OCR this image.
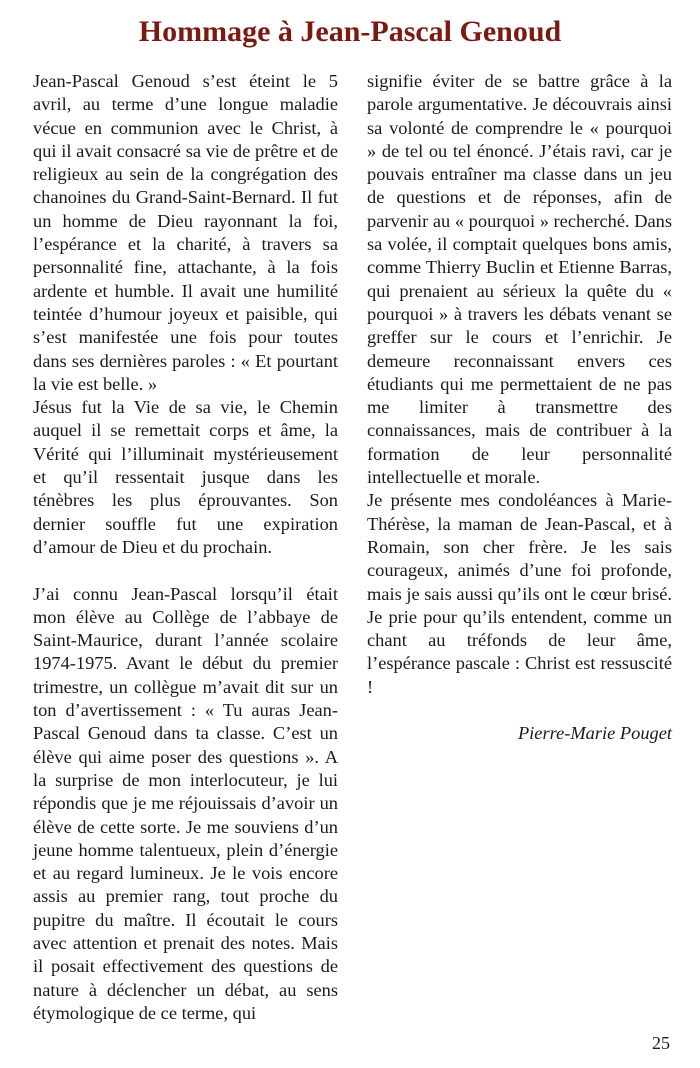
Hommage à Jean-Pascal Genoud

Jean-Pascal Genoud s’est éteint le 5 avril, au terme d’une longue maladie vécue en communion avec le Christ, à qui il avait consacré sa vie de prêtre et de religieux au sein de la congrégation des chanoines du Grand-Saint-Bernard. Il fut un homme de Dieu rayonnant la foi, l’espérance et la charité, à travers sa personnalité fine, attachante, à la fois ardente et humble. Il avait une humilité teintée d’humour joyeux et paisible, qui s’est manifestée une fois pour toutes dans ses dernières paroles : « Et pourtant la vie est belle. »

Jésus fut la Vie de sa vie, le Chemin auquel il se remettait corps et âme, la Vérité qui l’illuminait mystérieusement et qu’il ressentait jusque dans les ténèbres les plus éprouvantes. Son dernier souffle fut une expiration d’amour de Dieu et du prochain.

J’ai connu Jean-Pascal lorsqu’il était mon élève au Collège de l’abbaye de Saint-Maurice, durant l’année scolaire 1974-1975. Avant le début du premier trimestre, un collègue m’avait dit sur un ton d’avertissement : « Tu auras Jean-Pascal Genoud dans ta classe. C’est un élève qui aime poser des questions ». A la surprise de mon interlocuteur, je lui répondis que je me réjouissais d’avoir un élève de cette sorte. Je me souviens d’un jeune homme talentueux, plein d’énergie et au regard lumineux. Je le vois encore assis au premier rang, tout proche du pupitre du maître. Il écoutait le cours avec attention et prenait des notes. Mais il posait effectivement des questions de nature à déclencher un débat, au sens étymologique de ce terme, qui

signifie éviter de se battre grâce à la parole argumentative. Je découvrais ainsi sa volonté de comprendre le « pourquoi » de tel ou tel énoncé. J’étais ravi, car je pouvais entraîner ma classe dans un jeu de questions et de réponses, afin de parvenir au « pourquoi » recherché. Dans sa volée, il comptait quelques bons amis, comme Thierry Buclin et Etienne Barras, qui prenaient au sérieux la quête du « pourquoi » à travers les débats venant se greffer sur le cours et l’enrichir. Je demeure reconnaissant envers ces étudiants qui me permettaient de ne pas me limiter à transmettre des connaissances, mais de contribuer à la formation de leur personnalité intellectuelle et morale.

Je présente mes condoléances à Marie-Thérèse, la maman de Jean-Pascal, et à Romain, son cher frère. Je les sais courageux, animés d’une foi profonde, mais je sais aussi qu’ils ont le cœur brisé. Je prie pour qu’ils entendent, comme un chant au tréfonds de leur âme, l’espérance pascale : Christ est ressuscité !

Pierre-Marie Pouget

25
